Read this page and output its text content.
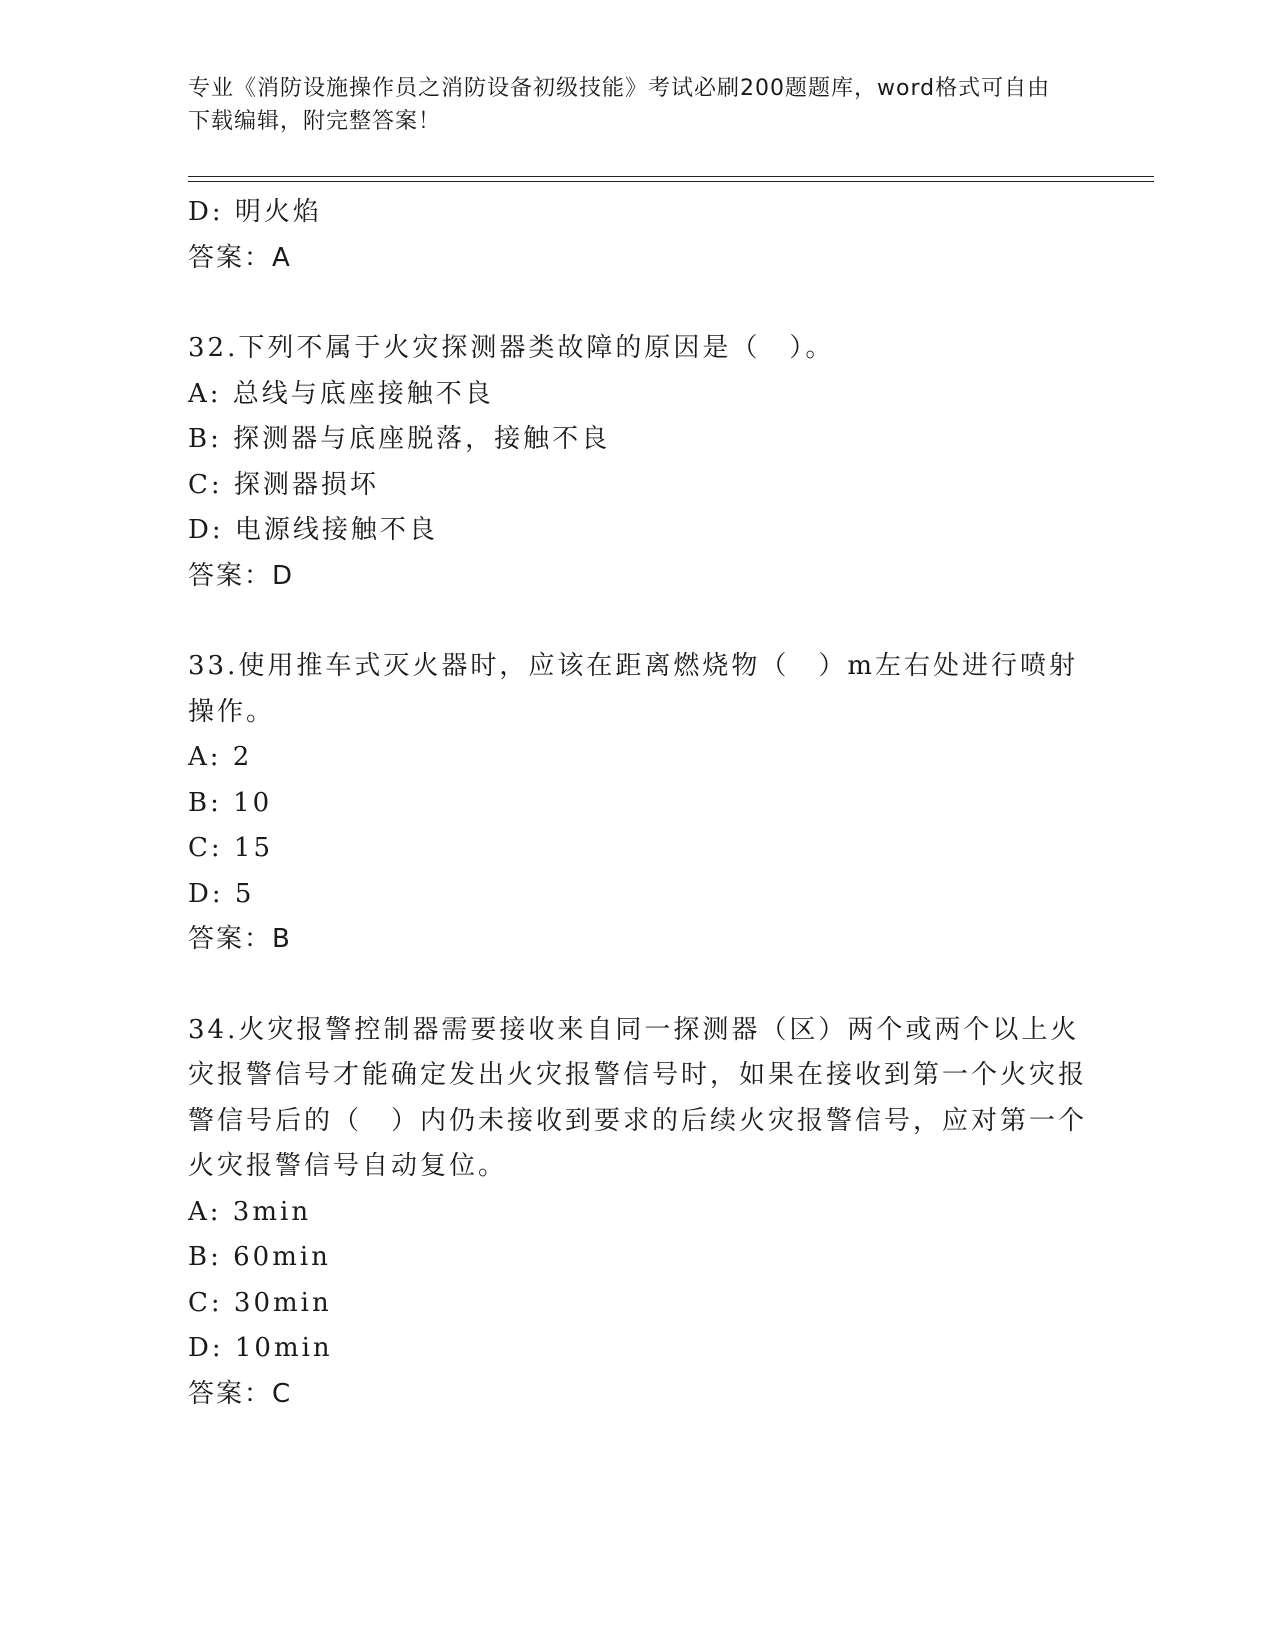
专业《消防设施操作员之消防设备初级技能》考试必刷200题题库，word格式可自由下载编辑，附完整答案！
D: 明火焰
答案：A
32.下列不属于火灾探测器类故障的原因是（　）。
A: 总线与底座接触不良
B: 探测器与底座脱落，接触不良
C: 探测器损坏
D: 电源线接触不良
答案：D
33.使用推车式灭火器时，应该在距离燃烧物（　）m左右处进行喷射操作。
A: 2
B: 10
C: 15
D: 5
答案：B
34.火灾报警控制器需要接收来自同一探测器（区）两个或两个以上火灾报警信号才能确定发出火灾报警信号时，如果在接收到第一个火灾报警信号后的（　）内仍未接收到要求的后续火灾报警信号，应对第一个火灾报警信号自动复位。
A: 3min
B: 60min
C: 30min
D: 10min
答案：C
